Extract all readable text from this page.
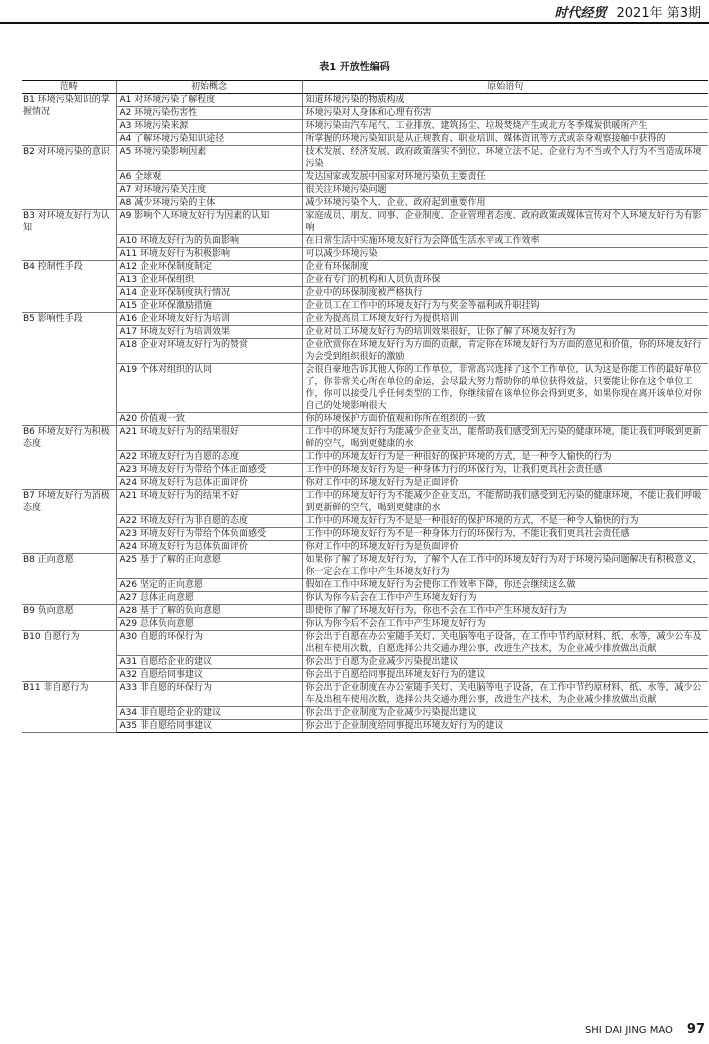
时代经贸 2021年 第3期
表1 开放性编码
范畴	初始概念	原始语句
B1 环境污染知识的掌握情况	A1 对环境污染了解程度	知道环境污染的物质构成
	A2 环境污染伤害性	环境污染对人身体和心理有伤害
	A3 环境污染来源	环境污染由汽车尾气、工业排放、建筑扬尘、垃圾焚烧产生或北方冬季煤炭供暖所产生
	A4 了解环境污染知识途径	所掌握的环境污染知识是从正规教育、职业培训、媒体资讯等方式或亲身观察接触中获得的
B2 对环境污染的意识	A5 环境污染影响因素	技术发展、经济发展、政府政策落实不到位、环境立法不足、企业行为不当或个人行为不当造成环境污染
	A6 全球观	发达国家或发展中国家对环境污染负主要责任
	A7 对环境污染关注度	很关注环境污染问题
	A8 减少环境污染的主体	减少环境污染个人、企业、政府起到重要作用
B3 对环境友好行为认知	A9 影响个人环境友好行为因素的认知	家庭成员、朋友、同事、企业制度、企业管理者态度、政府政策或媒体宣传对个人环境友好行为有影响
	A10 环境友好行为的负面影响	在日常生活中实施环境友好行为会降低生活水平或工作效率
	A11 环境友好行为积极影响	可以减少环境污染
B4 控制性手段	A12 企业环保制度制定	企业有环保制度
	A13 企业环保组织	企业有专门的机构和人员负责环保
	A14 企业环保制度执行情况	企业中的环保制度被严格执行
	A15 企业环保激励措施	企业员工在工作中的环境友好行为与奖金等福利或升职挂钩
B5 影响性手段	A16 企业环境友好行为培训	企业为提高员工环境友好行为提供培训
	A17 环境友好行为培训效果	企业对员工环境友好行为的培训效果很好，让你了解了环境友好行为
	A18 企业对环境友好行为的赞赏	企业欣赏你在环境友好行为方面的贡献，肯定你在环境友好行为方面的意见和价值，你的环境友好行为会受到组织很好的激励
	A19 个体对组织的认同	会很自豪地告诉其他人你的工作单位，非常高兴选择了这个工作单位，认为这是你能工作的最好单位了，你非常关心所在单位的命运，会尽最大努力帮助你的单位获得效益，只要能让你在这个单位工作，你可以接受几乎任何类型的工作，你继续留在该单位你会得到更多，如果你现在离开该单位对你自己的处境影响很大
	A20 价值观一致	你的环境保护方面价值观和你所在组织的一致
B6 环境友好行为积极态度	A21 环境友好行为的结果很好	工作中的环境友好行为能减少企业支出，能帮助我们感受到无污染的健康环境，能让我们呼吸到更新鲜的空气，喝到更健康的水
	A22 环境友好行为自愿的态度	工作中的环境友好行为是一种很好的保护环境的方式，是一种令人愉快的行为
	A23 环境友好行为带给个体正面感受	工作中的环境友好行为是一种身体力行的环保行为，让我们更具社会责任感
	A24 环境友好行为总体正面评价	你对工作中的环境友好行为是正面评价
B7 环境友好行为消极态度	A21 环境友好行为的结果不好	工作中的环境友好行为不能减少企业支出，不能帮助我们感受到无污染的健康环境，不能让我们呼吸到更新鲜的空气，喝到更健康的水
	A22 环境友好行为非自愿的态度	工作中的环境友好行为不是是一种很好的保护环境的方式，不是一种令人愉快的行为
	A23 环境友好行为带给个体负面感受	工作中的环境友好行为不是一种身体力行的环保行为，不能让我们更具社会责任感
	A24 环境友好行为总体负面评价	你对工作中的环境友好行为是负面评价
B8 正向意愿	A25 基于了解的正向意愿	如果你了解了环境友好行为，了解个人在工作中的环境友好行为对于环境污染问题解决有积极意义，你一定会在工作中产生环境友好行为
	A26 坚定的正向意愿	假如在工作中环境友好行为会使你工作效率下降，你还会继续这么做
	A27 总体正向意愿	你认为你今后会在工作中产生环境友好行为
B9 负向意愿	A28 基于了解的负向意愿	即使你了解了环境友好行为，你也不会在工作中产生环境友好行为
	A29 总体负向意愿	你认为你今后不会在工作中产生环境友好行为
B10 自愿行为	A30 自愿的环保行为	你会出于自愿在办公室随手关灯、关电脑等电子设备，在工作中节约原材料、纸、水等，减少公车及出租车使用次数，自愿选择公共交通办理公事，改进生产技术，为企业减少排放做出贡献
	A31 自愿给企业的建议	你会出于自愿为企业减少污染提出建议
	A32 自愿给同事建议	你会出于自愿给同事提出环境友好行为的建议
B11 非自愿行为	A33 非自愿的环保行为	你会出于企业制度在办公室随手关灯、关电脑等电子设备，在工作中节约原材料、纸、水等，减少公车及出租车使用次数，选择公共交通办理公事，改进生产技术，为企业减少排放做出贡献
	A34 非自愿给企业的建议	你会出于企业制度为企业减少污染提出建议
	A35 非自愿给同事建议	你会出于企业制度给同事提出环境友好行为的建议
SHI DAI JING MAO 97
